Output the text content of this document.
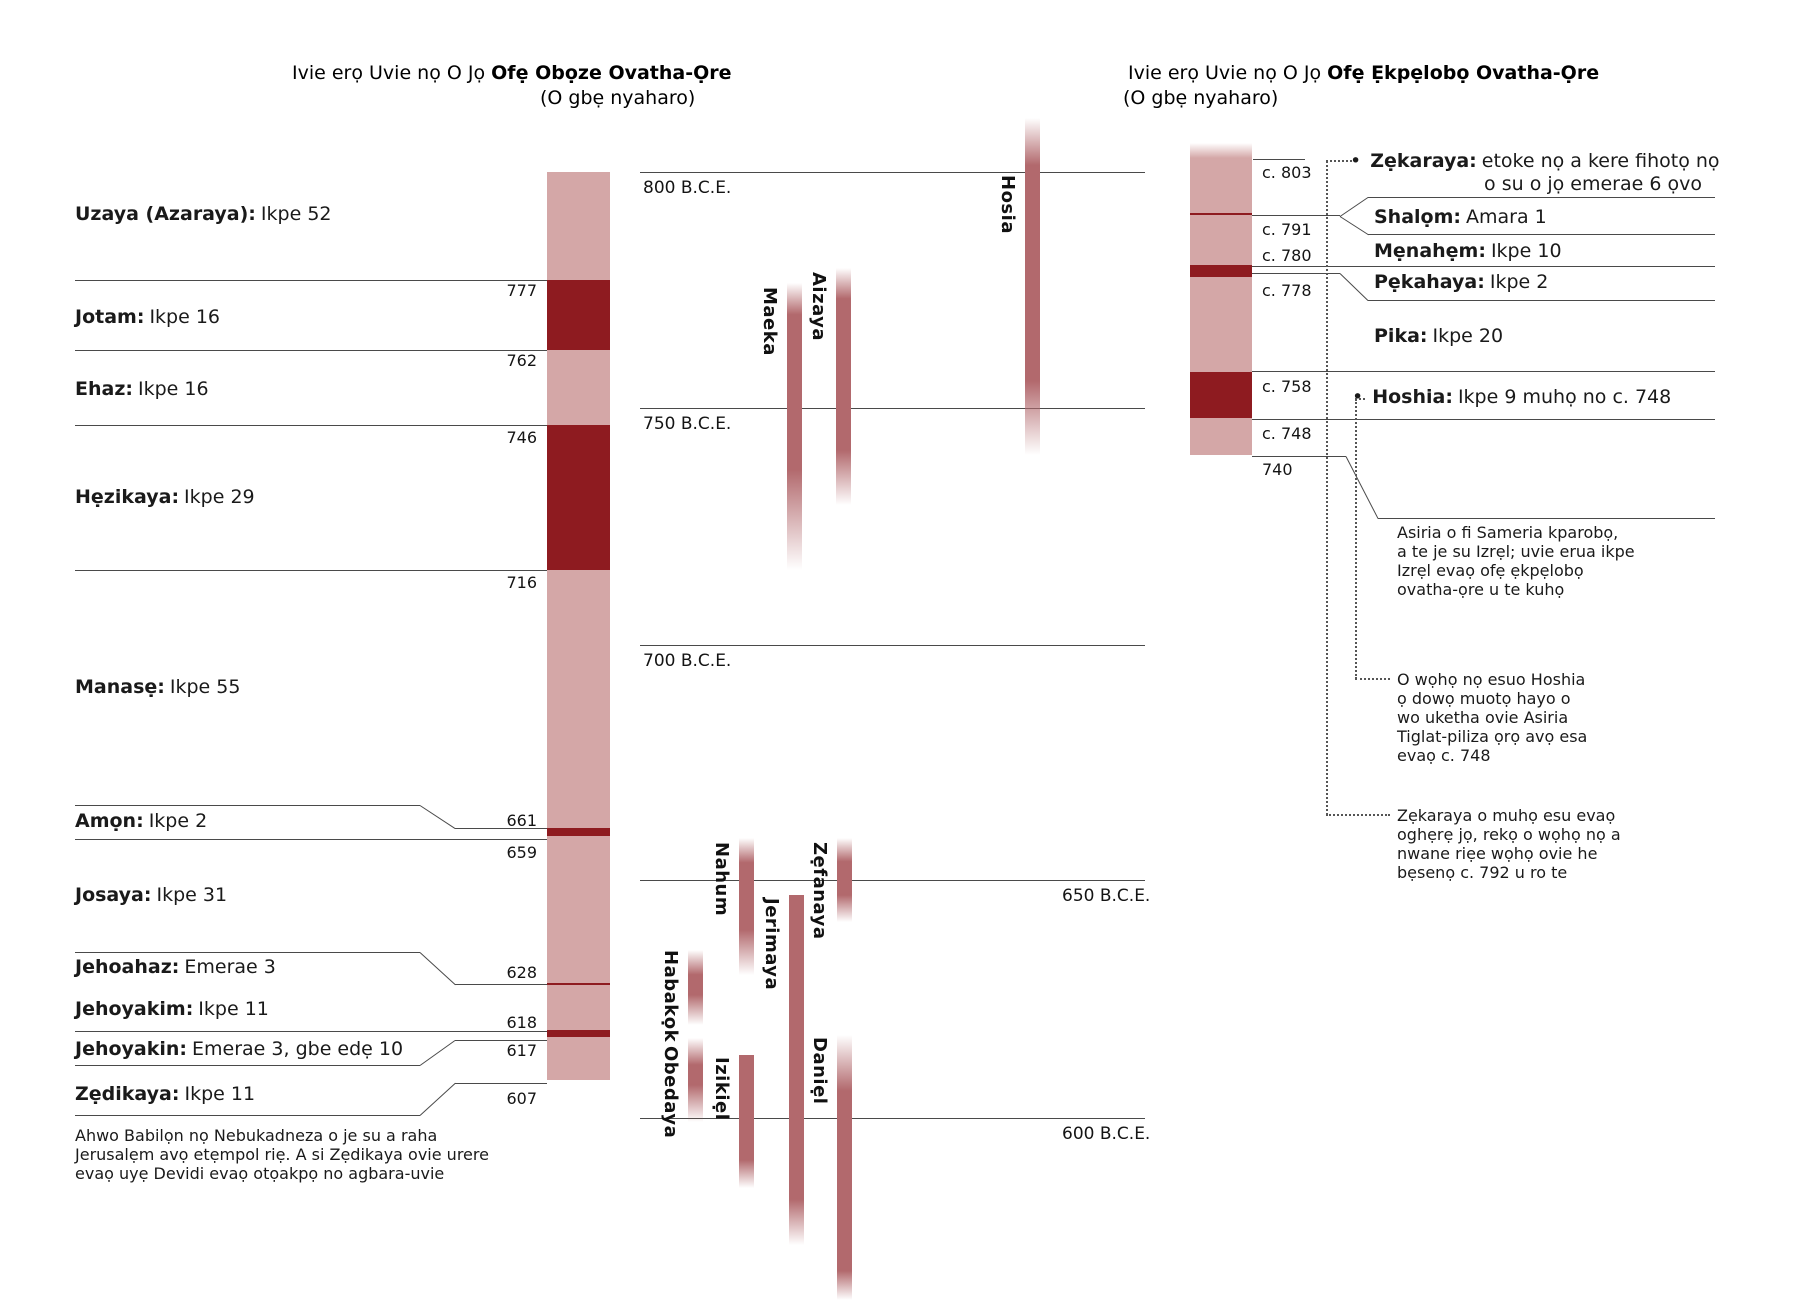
Ivie erọ Uvie nọ O Jọ Ofẹ Obọze Ovatha-Ọre
(O gbẹ nyaharo)
Ivie erọ Uvie nọ O Jọ Ofẹ Ẹkpẹlobọ Ovatha-Ọre
(O gbẹ nyaharo)
800 B.C.E.
750 B.C.E.
700 B.C.E.
650 B.C.E.
600 B.C.E.
Uzaya (Azaraya): Ikpe 52
Jotam: Ikpe 16
Ehaz: Ikpe 16
Hẹzikaya: Ikpe 29
Manasẹ: Ikpe 55
Amọn: Ikpe 2
Josaya: Ikpe 31
Jehoahaz: Emerae 3
Jehoyakim: Ikpe 11
Jehoyakin: Emerae 3, gbe edẹ 10
Zẹdikaya: Ikpe 11
777
762
746
716
661
659
628
618
617
607
Ahwo Babilọn nọ Nebukadneza o je su a raha
Jerusalẹm avọ etẹmpol riẹ. A si Zẹdikaya ovie urere
evaọ uyẹ Devidi evaọ otọakpọ no agbara-uvie
Hosia
Maeka Aizaya
Nahum
Jerimaya
Zẹfanaya
Habakọk
Obedaya Izikiẹl	Daniẹl
c. 803
c. 791
c. 780
c. 778
c. 758
c. 748
740
• Zẹkaraya: etoke nọ a kere fihotọ nọ
o su o jọ emerae 6 ọvo
Shalọm: Amara 1
Mẹnahẹm: Ikpe 10
Pẹkahaya: Ikpe 2
Pika: Ikpe 20
• Hoshia: Ikpe 9 muhọ no c. 748
Asiria o fi Sameria kparobọ,
a te je su Izrẹl; uvie erua ikpe
Izrẹl evaọ ofẹ ẹkpẹlobọ
ovatha-ọre u te kuhọ
O wọhọ nọ esuo Hoshia
ọ dowọ muotọ hayo o
wo uketha ovie Asiria
Tiglat-piliza ọrọ avọ esa
evaọ c. 748
Zẹkaraya o muhọ esu evaọ
oghẹrẹ jọ, rekọ o wọhọ nọ a
nwane riẹe wọhọ ovie he
bẹsenọ c. 792 u ro te
